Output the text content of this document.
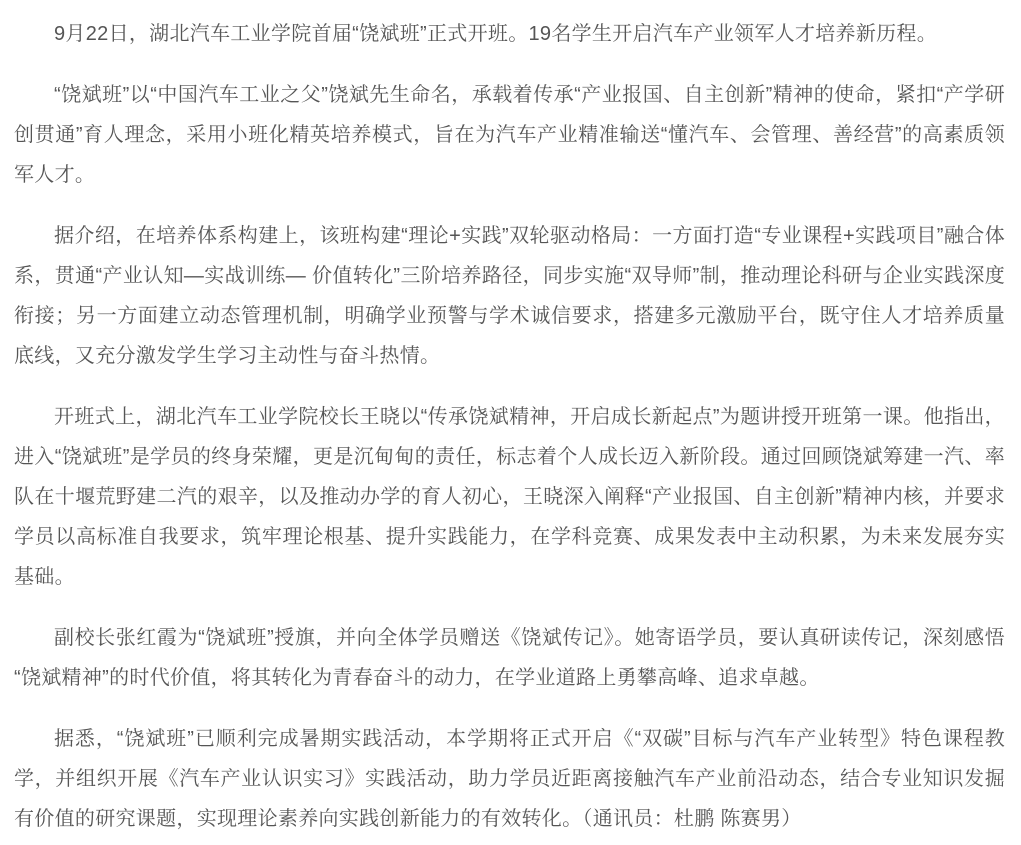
9月22日，湖北汽车工业学院首届“饶斌班”正式开班。19名学生开启汽车产业领军人才培养新历程。

“饶斌班”以“中国汽车工业之父”饶斌先生命名，承载着传承“产业报国、自主创新”精神的使命，紧扣“产学研创贯通”育人理念，采用小班化精英培养模式，旨在为汽车产业精准输送“懂汽车、会管理、善经营”的高素质领军人才。

据介绍，在培养体系构建上，该班构建“理论+实践”双轮驱动格局：一方面打造“专业课程+实践项目”融合体系，贯通“产业认知—实战训练— 价值转化”三阶培养路径，同步实施“双导师”制，推动理论科研与企业实践深度衔接；另一方面建立动态管理机制，明确学业预警与学术诚信要求，搭建多元激励平台，既守住人才培养质量底线，又充分激发学生学习主动性与奋斗热情。

开班式上，湖北汽车工业学院校长王晓以“传承饶斌精神，开启成长新起点”为题讲授开班第一课。他指出，进入“饶斌班”是学员的终身荣耀，更是沉甸甸的责任，标志着个人成长迈入新阶段。通过回顾饶斌筹建一汽、率队在十堰荒野建二汽的艰辛，以及推动办学的育人初心，王晓深入阐释“产业报国、自主创新”精神内核，并要求学员以高标准自我要求，筑牢理论根基、提升实践能力，在学科竞赛、成果发表中主动积累，为未来发展夯实基础。

副校长张红霞为“饶斌班”授旗，并向全体学员赠送《饶斌传记》。她寄语学员，要认真研读传记，深刻感悟“饶斌精神”的时代价值，将其转化为青春奋斗的动力，在学业道路上勇攀高峰、追求卓越。

据悉，“饶斌班”已顺利完成暑期实践活动，本学期将正式开启《“双碳”目标与汽车产业转型》特色课程教学，并组织开展《汽车产业认识实习》实践活动，助力学员近距离接触汽车产业前沿动态，结合专业知识发掘有价值的研究课题，实现理论素养向实践创新能力的有效转化。（通讯员：杜鹏 陈赛男）
